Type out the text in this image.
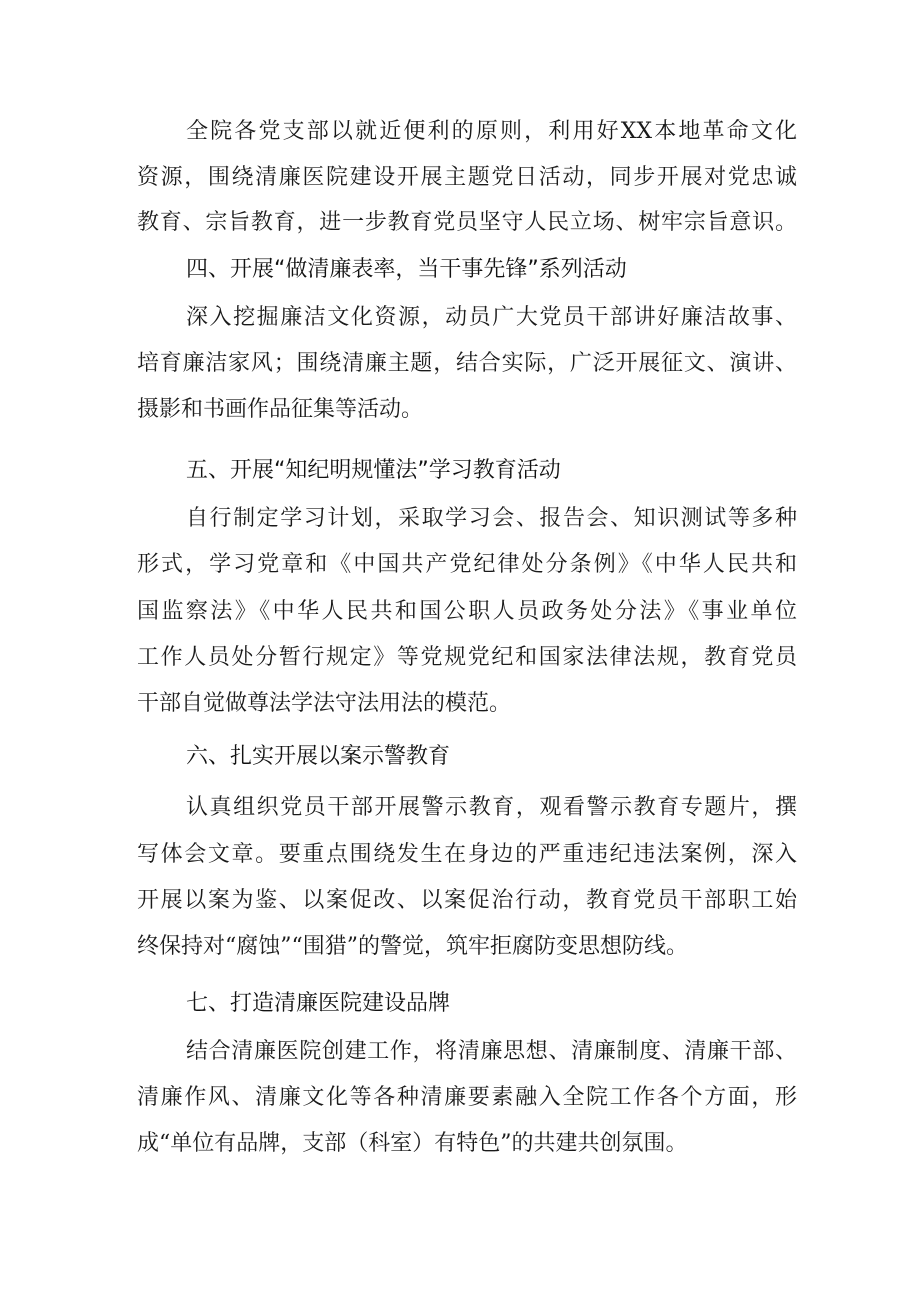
全院各党支部以就近便利的原则，利用好XX本地革命文化
资源，围绕清廉医院建设开展主题党日活动，同步开展对党忠诚
教育、宗旨教育，进一步教育党员坚守人民立场、树牢宗旨意识。
四、开展“做清廉表率，当干事先锋”系列活动
深入挖掘廉洁文化资源，动员广大党员干部讲好廉洁故事、
培育廉洁家风；围绕清廉主题，结合实际，广泛开展征文、演讲、
摄影和书画作品征集等活动。
五、开展“知纪明规懂法”学习教育活动
自行制定学习计划，采取学习会、报告会、知识测试等多种
形式，学习党章和《中国共产党纪律处分条例》《中华人民共和
国监察法》《中华人民共和国公职人员政务处分法》《事业单位
工作人员处分暂行规定》等党规党纪和国家法律法规，教育党员
干部自觉做尊法学法守法用法的模范。
六、扎实开展以案示警教育
认真组织党员干部开展警示教育，观看警示教育专题片，撰
写体会文章。要重点围绕发生在身边的严重违纪违法案例，深入
开展以案为鉴、以案促改、以案促治行动，教育党员干部职工始
终保持对“腐蚀”“围猎”的警觉，筑牢拒腐防变思想防线。
七、打造清廉医院建设品牌
结合清廉医院创建工作，将清廉思想、清廉制度、清廉干部、
清廉作风、清廉文化等各种清廉要素融入全院工作各个方面，形
成“单位有品牌，支部（科室）有特色”的共建共创氛围。
